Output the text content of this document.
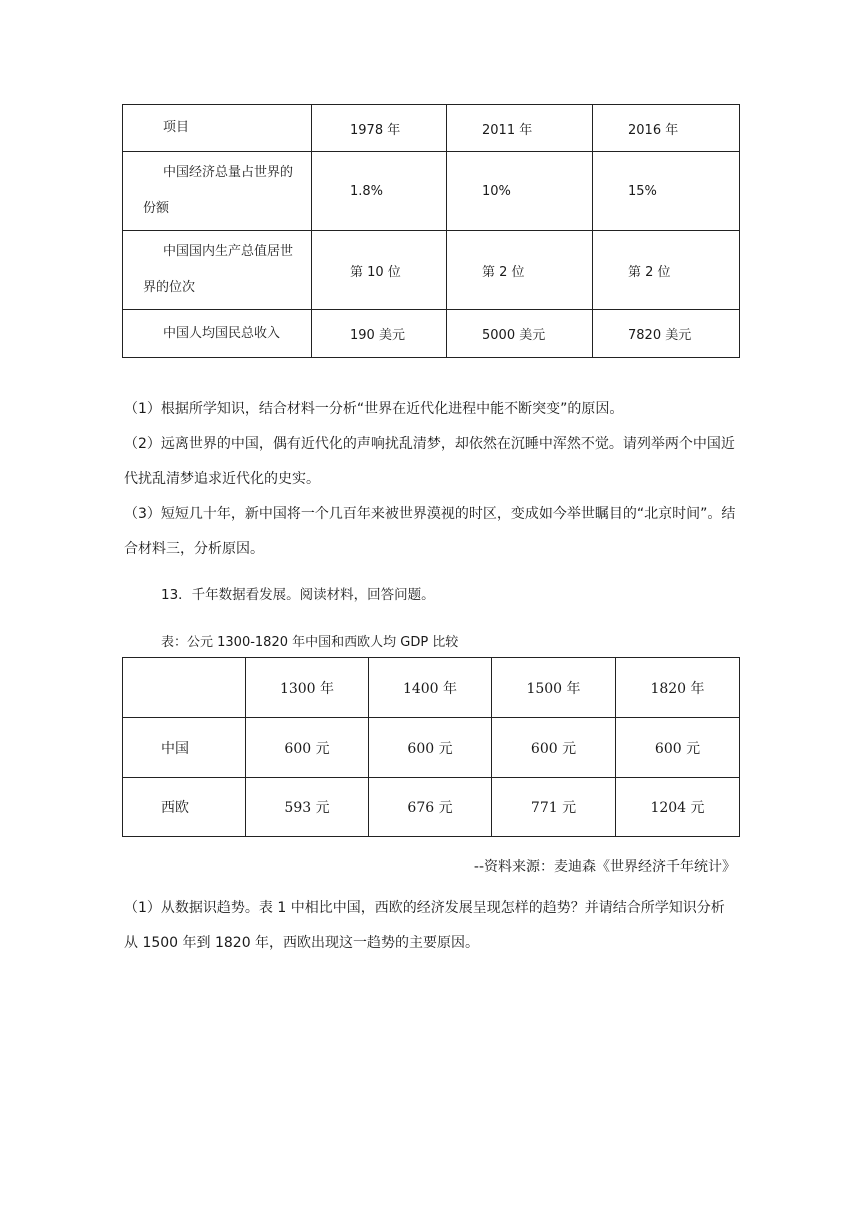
项目	1978 年	2011 年	2016 年
中国经济总量占世界的份额	1.8%	10%	15%
中国国内生产总值居世界的位次	第 10 位	第 2 位	第 2 位
中国人均国民总收入	190 美元	5000 美元	7820 美元
（1）根据所学知识，结合材料一分析“世界在近代化进程中能不断突变”的原因。
（2）远离世界的中国，偶有近代化的声响扰乱清梦，却依然在沉睡中浑然不觉。请列举两个中国近代扰乱清梦追求近代化的史实。
（3）短短几十年，新中国将一个几百年来被世界漠视的时区，变成如今举世瞩目的“北京时间”。结合材料三，分析原因。
13．千年数据看发展。阅读材料，回答问题。
表：公元 1300-1820 年中国和西欧人均 GDP 比较
	1300 年	1400 年	1500 年	1820 年
中国	600 元	600 元	600 元	600 元
西欧	593 元	676 元	771 元	1204 元
--资料来源：麦迪森《世界经济千年统计》
（1）从数据识趋势。表 1 中相比中国，西欧的经济发展呈现怎样的趋势？并请结合所学知识分析从 1500 年到 1820 年，西欧出现这一趋势的主要原因。
